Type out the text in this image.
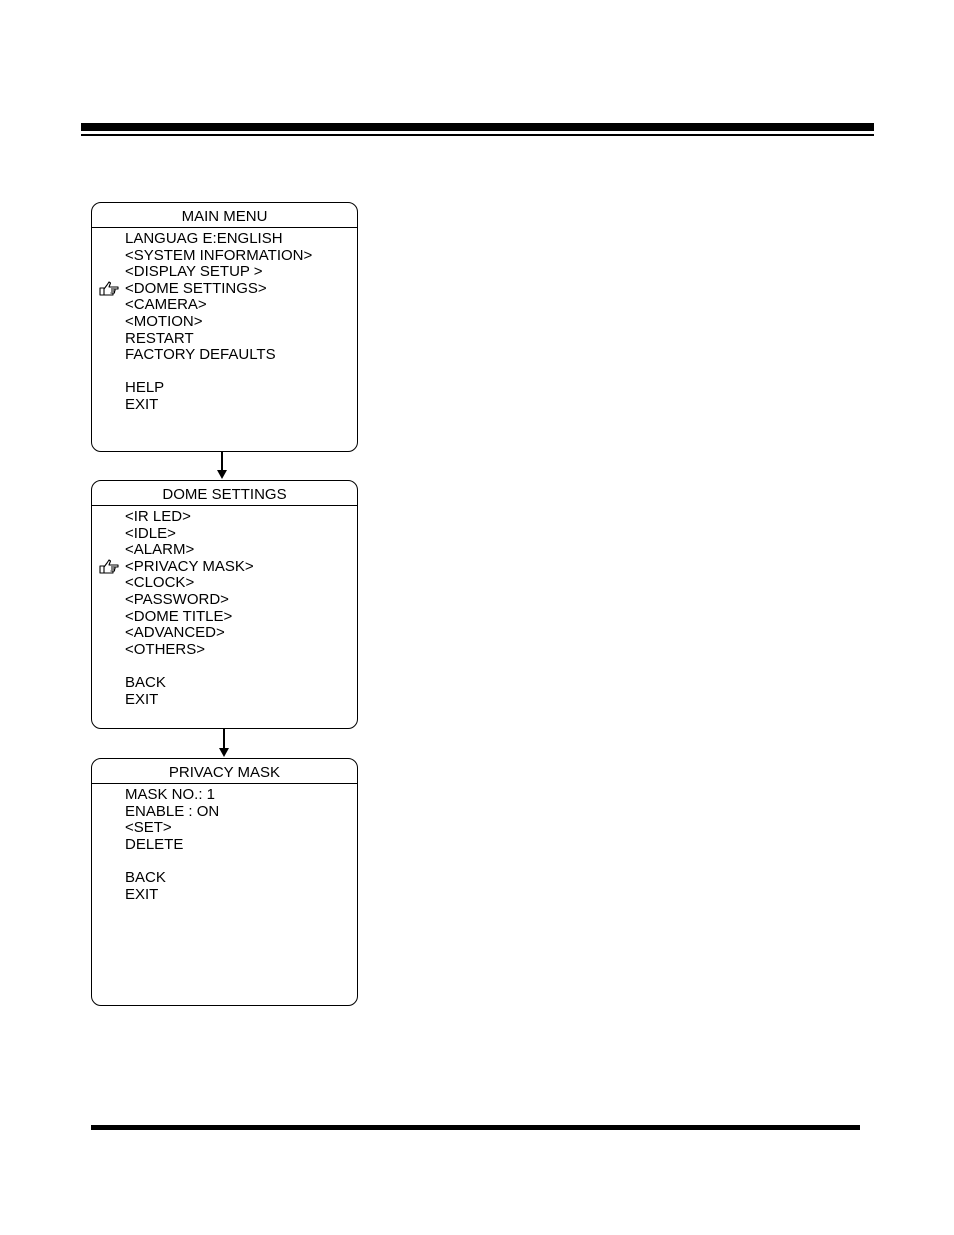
MAIN MENU
LANGUAG E:ENGLISH
<SYSTEM INFORMATION>
<DISPLAY SETUP >
<DOME SETTINGS>
<CAMERA>
<MOTION>
RESTART
FACTORY DEFAULTS
HELP
EXIT
DOME SETTINGS
<IR LED>
<IDLE>
<ALARM>
<PRIVACY MASK>
<CLOCK>
<PASSWORD>
<DOME TITLE>
<ADVANCED>
<OTHERS>
BACK
EXIT
PRIVACY MASK
MASK NO.: 1
ENABLE : ON
<SET>
DELETE
BACK
EXIT
